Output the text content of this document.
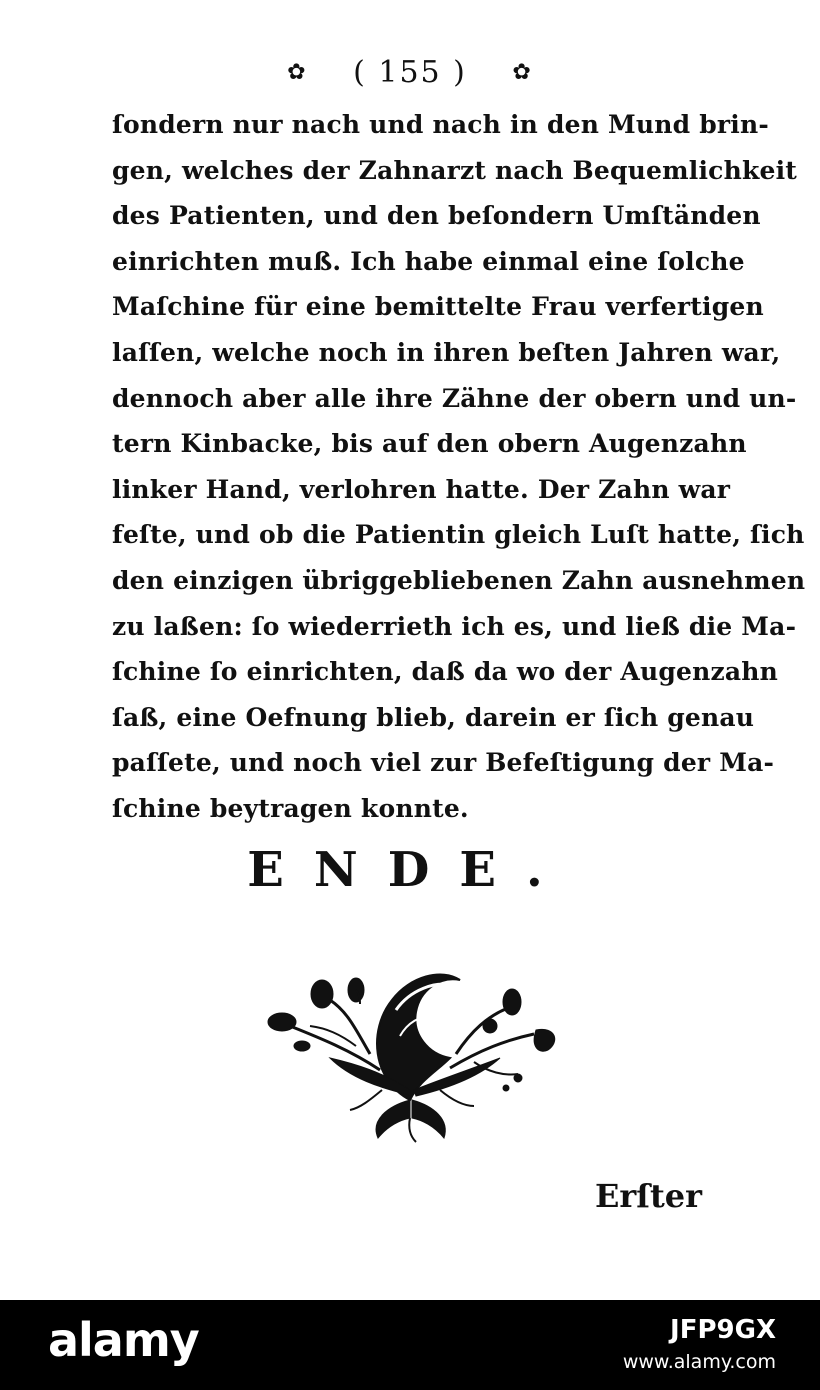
✿ ( 155 ) ✿
ſondern nur nach und nach in den Mund brin-
gen, welches der Zahnarzt nach Bequemlichkeit
des Patienten, und den beſondern Umſtänden
einrichten muß. Ich habe einmal eine ſolche
Maſchine für eine bemittelte Frau verfertigen
laſſen, welche noch in ihren beſten Jahren war,
dennoch aber alle ihre Zähne der obern und un-
tern Kinbacke, bis auf den obern Augenzahn
linker Hand, verlohren hatte. Der Zahn war
feſte, und ob die Patientin gleich Luſt hatte, ſich
den einzigen übriggebliebenen Zahn ausnehmen
zu laßen: ſo wiederrieth ich es, und ließ die Ma-
ſchine ſo einrichten, daß da wo der Augenzahn
ſaß, eine Oefnung blieb, darein er ſich genau
paſſete, und noch viel zur Befeſtigung der Ma-
ſchine beytragen konnte.
ENDE.
Erſter
alamy	JFP9GX
www.alamy.com
